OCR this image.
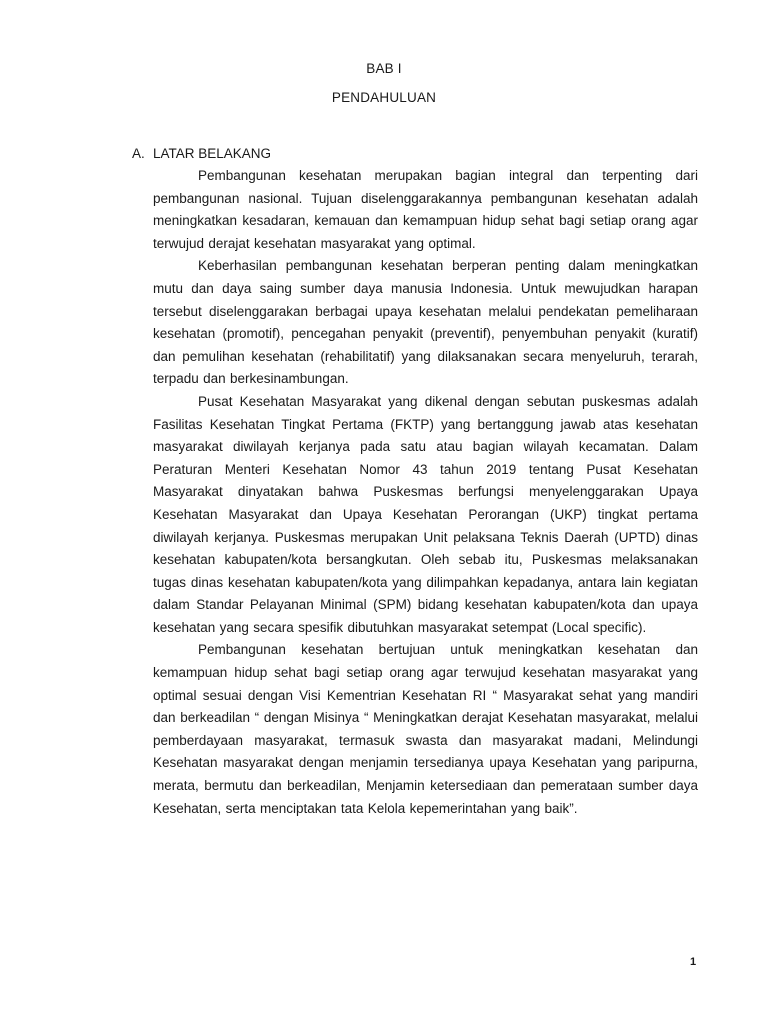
BAB I
PENDAHULUAN
A. LATAR BELAKANG

Pembangunan kesehatan merupakan bagian integral dan terpenting dari pembangunan nasional. Tujuan diselenggarakannya pembangunan kesehatan adalah meningkatkan kesadaran, kemauan dan kemampuan hidup sehat bagi setiap orang agar terwujud derajat kesehatan masyarakat yang optimal.

Keberhasilan pembangunan kesehatan berperan penting dalam meningkatkan mutu dan daya saing sumber daya manusia Indonesia. Untuk mewujudkan harapan tersebut diselenggarakan berbagai upaya kesehatan melalui pendekatan pemeliharaan kesehatan (promotif), pencegahan penyakit (preventif), penyembuhan penyakit (kuratif) dan pemulihan kesehatan (rehabilitatif) yang dilaksanakan secara menyeluruh, terarah, terpadu dan berkesinambungan.

Pusat Kesehatan Masyarakat yang dikenal dengan sebutan puskesmas adalah Fasilitas Kesehatan Tingkat Pertama (FKTP) yang bertanggung jawab atas kesehatan masyarakat diwilayah kerjanya pada satu atau bagian wilayah kecamatan. Dalam Peraturan Menteri Kesehatan Nomor 43 tahun 2019 tentang Pusat Kesehatan Masyarakat dinyatakan bahwa Puskesmas berfungsi menyelenggarakan Upaya Kesehatan Masyarakat dan Upaya Kesehatan Perorangan (UKP) tingkat pertama diwilayah kerjanya. Puskesmas merupakan Unit pelaksana Teknis Daerah (UPTD) dinas kesehatan kabupaten/kota bersangkutan. Oleh sebab itu, Puskesmas melaksanakan tugas dinas kesehatan kabupaten/kota yang dilimpahkan kepadanya, antara lain kegiatan dalam Standar Pelayanan Minimal (SPM) bidang kesehatan kabupaten/kota dan upaya kesehatan yang secara spesifik dibutuhkan masyarakat setempat (Local specific).

Pembangunan kesehatan bertujuan untuk meningkatkan kesehatan dan kemampuan hidup sehat bagi setiap orang agar terwujud kesehatan masyarakat yang optimal sesuai dengan Visi Kementrian Kesehatan RI “ Masyarakat sehat yang mandiri dan berkeadilan “ dengan Misinya “ Meningkatkan derajat Kesehatan masyarakat, melalui pemberdayaan masyarakat, termasuk swasta dan masyarakat madani, Melindungi Kesehatan masyarakat dengan menjamin tersedianya upaya Kesehatan yang paripurna, merata, bermutu dan berkeadilan, Menjamin ketersediaan dan pemerataan sumber daya Kesehatan, serta menciptakan tata Kelola kepemerintahan yang baik”.

1
